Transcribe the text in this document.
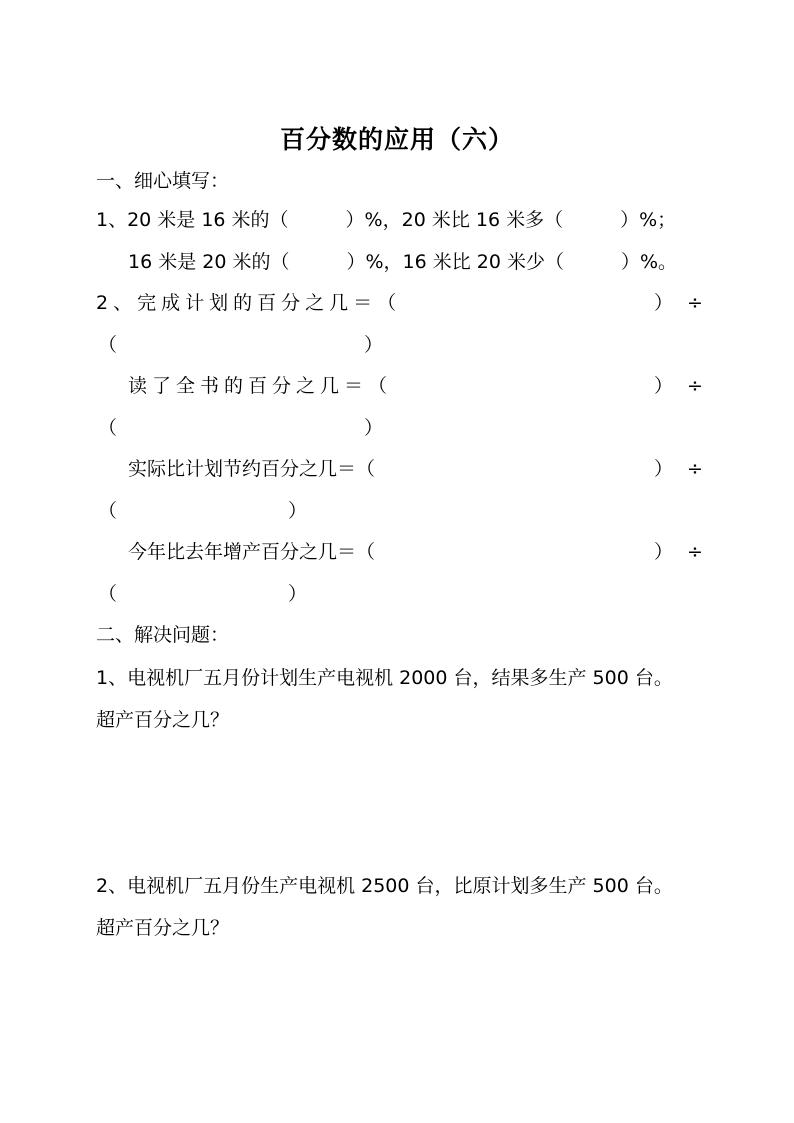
百分数的应用（六）
一、细心填写：
1、20 米是 16 米的（　　　）%，20 米比 16 米多（　　　）%；
16 米是 20 米的（　　　）%，16 米比 20 米少（　　　）%。
2、完成计划的百分之几＝（	）÷
（　　　　　　　　　　　　　）
读了全书的百分之几＝（	）÷
（　　　　　　　　　　　　　）
实际比计划节约百分之几＝（	）÷
（　　　　　　　　　）
今年比去年增产百分之几＝（	）÷
（　　　　　　　　　）
二、解决问题：
1、电视机厂五月份计划生产电视机 2000 台，结果多生产 500 台。
超产百分之几？
2、电视机厂五月份生产电视机 2500 台，比原计划多生产 500 台。
超产百分之几？
